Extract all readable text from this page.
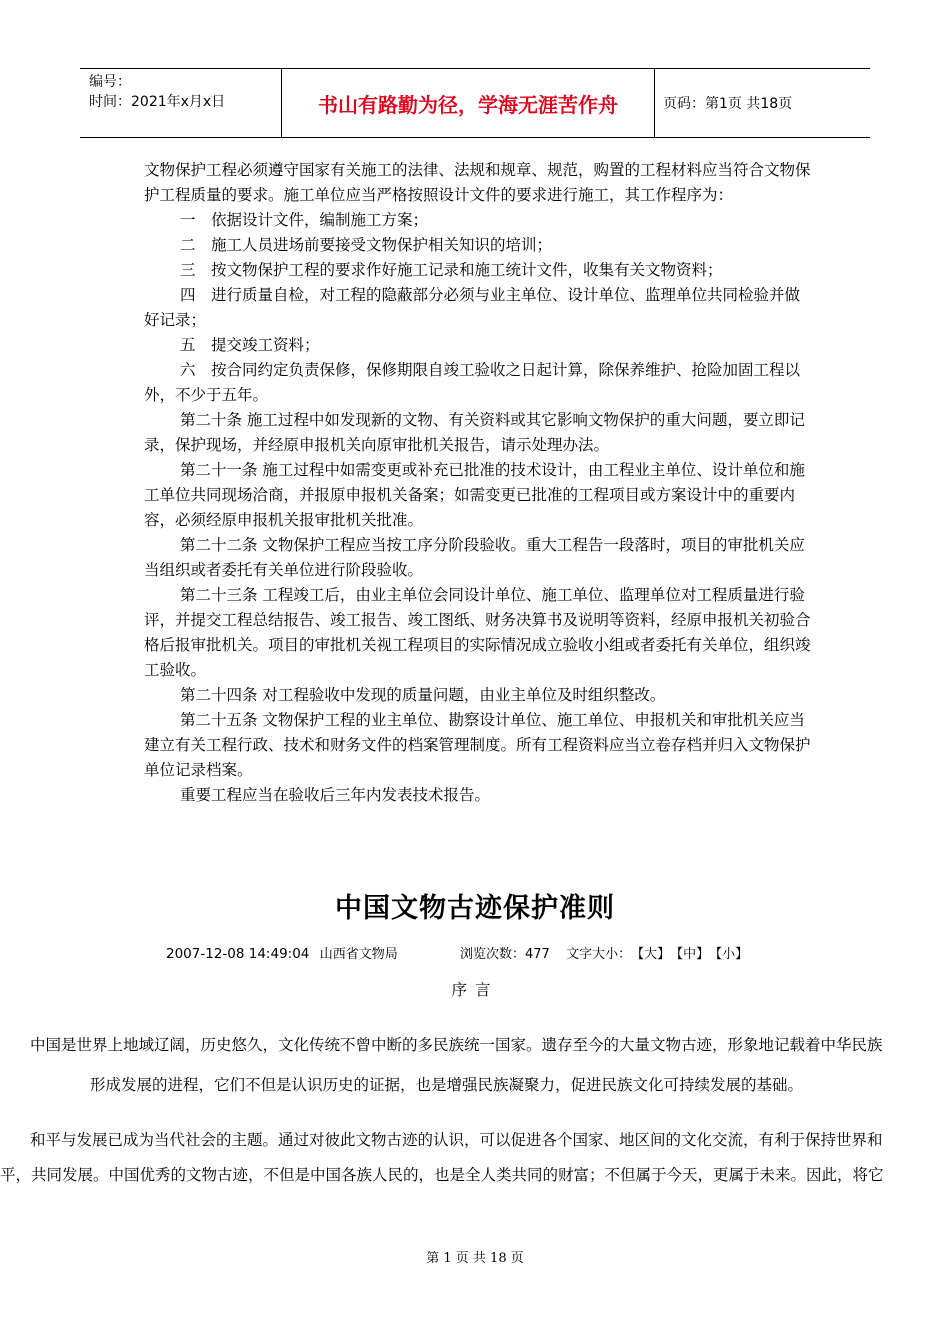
编号：
时间：2021年x月x日	书山有路勤为径，学海无涯苦作舟	页码：第1页 共18页

文物保护工程必须遵守国家有关施工的法律、法规和规章、规范，购置的工程材料应当符合文物保护工程质量的要求。施工单位应当严格按照设计文件的要求进行施工，其工作程序为：

一　依据设计文件，编制施工方案；

二　施工人员进场前要接受文物保护相关知识的培训；

三　按文物保护工程的要求作好施工记录和施工统计文件，收集有关文物资料；

四　进行质量自检，对工程的隐蔽部分必须与业主单位、设计单位、监理单位共同检验并做好记录；

五　提交竣工资料；

六　按合同约定负责保修，保修期限自竣工验收之日起计算，除保养维护、抢险加固工程以外，不少于五年。

第二十条 施工过程中如发现新的文物、有关资料或其它影响文物保护的重大问题，要立即记录，保护现场，并经原申报机关向原审批机关报告，请示处理办法。

第二十一条 施工过程中如需变更或补充已批准的技术设计，由工程业主单位、设计单位和施工单位共同现场洽商，并报原申报机关备案；如需变更已批准的工程项目或方案设计中的重要内容，必须经原申报机关报审批机关批准。

第二十二条 文物保护工程应当按工序分阶段验收。重大工程告一段落时，项目的审批机关应当组织或者委托有关单位进行阶段验收。

第二十三条 工程竣工后，由业主单位会同设计单位、施工单位、监理单位对工程质量进行验评，并提交工程总结报告、竣工报告、竣工图纸、财务决算书及说明等资料，经原申报机关初验合格后报审批机关。项目的审批机关视工程项目的实际情况成立验收小组或者委托有关单位，组织竣工验收。

第二十四条 对工程验收中发现的质量问题，由业主单位及时组织整改。

第二十五条 文物保护工程的业主单位、勘察设计单位、施工单位、申报机关和审批机关应当建立有关工程行政、技术和财务文件的档案管理制度。所有工程资料应当立卷存档并归入文物保护单位记录档案。

重要工程应当在验收后三年内发表技术报告。

中国文物古迹保护准则
2007-12-08 14:49:04 山西省文物局	浏览次数：477 文字大小：【大】【中】【小】
序言
中国是世界上地域辽阔，历史悠久，文化传统不曾中断的多民族统一国家。遗存至今的大量文物古迹，形象地记载着中华民族
形成发展的进程，它们不但是认识历史的证据，也是增强民族凝聚力，促进民族文化可持续发展的基础。
和平与发展已成为当代社会的主题。通过对彼此文物古迹的认识，可以促进各个国家、地区间的文化交流，有利于保持世界和
平，共同发展。中国优秀的文物古迹，不但是中国各族人民的，也是全人类共同的财富；不但属于今天，更属于未来。因此，将它
第 1 页 共 18 页
